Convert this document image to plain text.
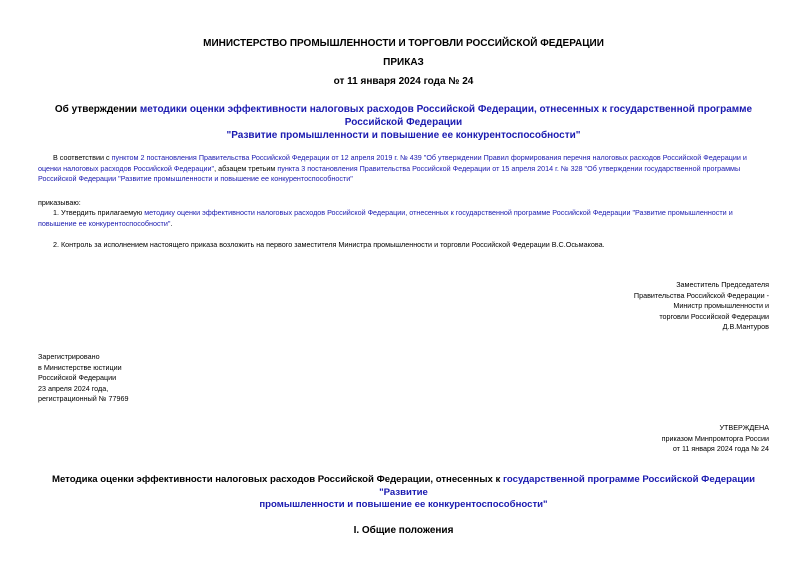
МИНИСТЕРСТВО ПРОМЫШЛЕННОСТИ И ТОРГОВЛИ РОССИЙСКОЙ ФЕДЕРАЦИИ
ПРИКАЗ
от 11 января 2024 года № 24
Об утверждении методики оценки эффективности налоговых расходов Российской Федерации, отнесенных к государственной программе Российской Федерации
"Развитие промышленности и повышение ее конкурентоспособности"

В соответствии с пунктом 2 постановления Правительства Российской Федерации от 12 апреля 2019 г. № 439 "Об утверждении Правил формирования перечня налоговых расходов Российской Федерации и

оценки налоговых расходов Российской Федерации", абзацем третьим пункта 3 постановления Правительства Российской Федерации от 15 апреля 2014 г. № 328 "Об утверждении государственной программы

Российской Федерации "Развитие промышленности и повышение ее конкурентоспособности"

приказываю:

1. Утвердить прилагаемую методику оценки эффективности налоговых расходов Российской Федерации, отнесенных к государственной программе Российской Федерации "Развитие промышленности и

повышение ее конкурентоспособности".

2. Контроль за исполнением настоящего приказа возложить на первого заместителя Министра промышленности и торговли Российской Федерации В.С.Осьмакова.

Заместитель Председателя

Правительства Российской Федерации -

Министр промышленности и

торговли Российской Федерации

Д.В.Мантуров

Зарегистрировано

в Министерстве юстиции

Российской Федерации

23 апреля 2024 года,

регистрационный № 77969

УТВЕРЖДЕНА

приказом Минпромторга России

от 11 января 2024 года № 24

Методика оценки эффективности налоговых расходов Российской Федерации, отнесенных к государственной программе Российской Федерации "Развитие
промышленности и повышение ее конкурентоспособности"
I. Общие положения
